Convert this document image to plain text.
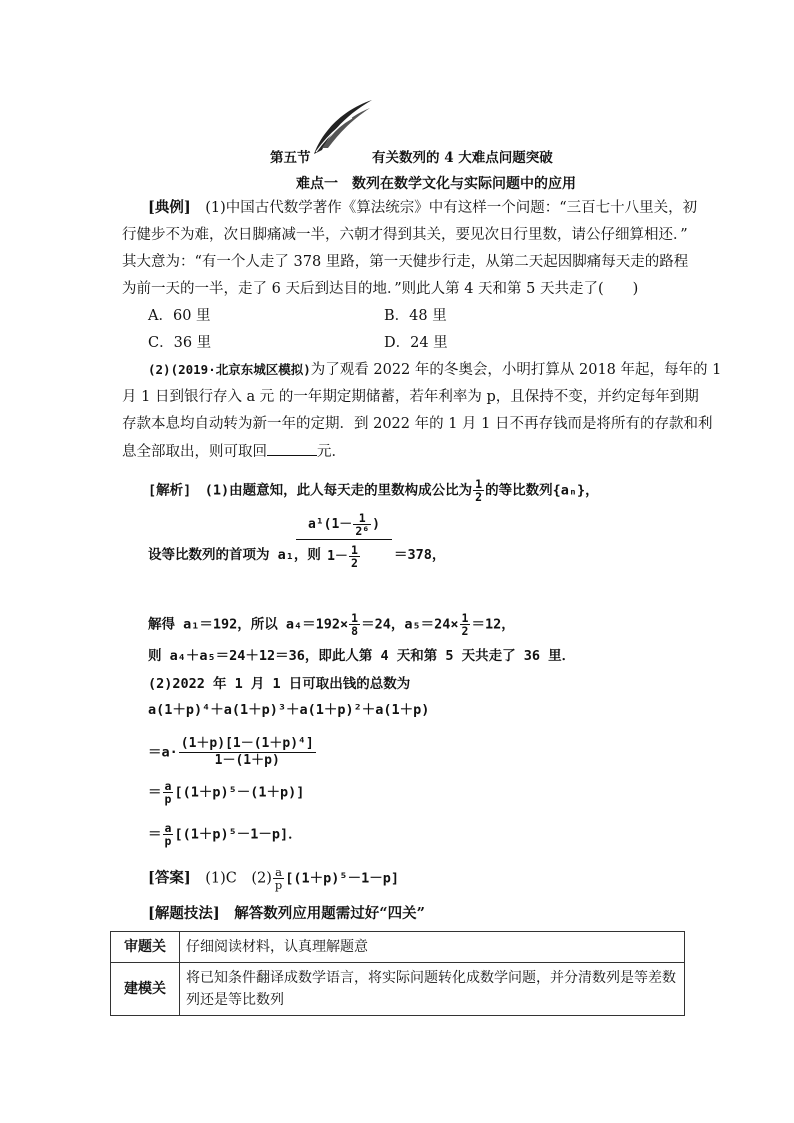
第五节	有关数列的 4 大难点问题突破
难点一　数列在数学文化与实际问题中的应用
[典例]　 (1)中国古代数学著作《算法统宗》中有这样一个问题：“三百七十八里关，初
行健步不为难，次日脚痛减一半，六朝才得到其关，要见次日行里数，请公仔细算相还．”
其大意为：“有一个人走了 378 里路，第一天健步行走，从第二天起因脚痛每天走的路程
为前一天的一半，走了 6 天后到达目的地．”则此人第 4 天和第 5 天共走了(　　)
A．60 里	B．48 里
C．36 里	D．24 里
(2)(2019·北京东城区模拟)为了观看 2022 年的冬奥会，小明打算从 2018 年起，每年的 1
月 1 日到银行存入 a 元 的一年期定期储蓄，若年利率为 p，且保持不变，并约定每年到期
存款本息均自动转为新一年的定期．到 2022 年的 1 月 1 日不再存钱而是将所有的存款和利
息全部取出，则可取回	元．
[解析]　 (1)由题意知，此人每天走的里数构成公比为 $\frac{1}{2}$ 的等比数列{aₙ}，
设等比数列的首项为 a₁，则
$a^1(1- \frac{1}{\text{2⁶}}$ )
$1- \frac{1}{2}$	＝378，
解得 a₁＝192，所以 $a_4=192\times \frac{1}{8} =24$，$a_5=24\times \frac{1}{2} =12$，
则 a₄＋a₅＝24＋12＝36，即此人第 4 天和第 5 天共走了 36 里．
(2)2022 年 1 月 1 日可取出钱的总数为
a(1＋p)⁴＋a(1＋p)³＋a(1＋p)²＋a(1＋p)
$=a\cdot \frac{\text{(1＋p)[1－(1＋p)⁴]}}{1-(1+p)}$
＝ $\frac{a}{p} [(1+p)^5-(1+p)]$
＝ $\frac{a}{p} [(1+p)^5-1-p]$．
[答案]　 (1)C　$(2) \frac{a}{p} [(1+p)^5-1-p]$
[解题技法]　 解答数列应用题需过好“四关”
审题关	仔细阅读材料，认真理解题意
建模关	将已知条件翻译成数学语言，将实际问题转化成数学问题，并分清数列是等差数列还是等比数列
